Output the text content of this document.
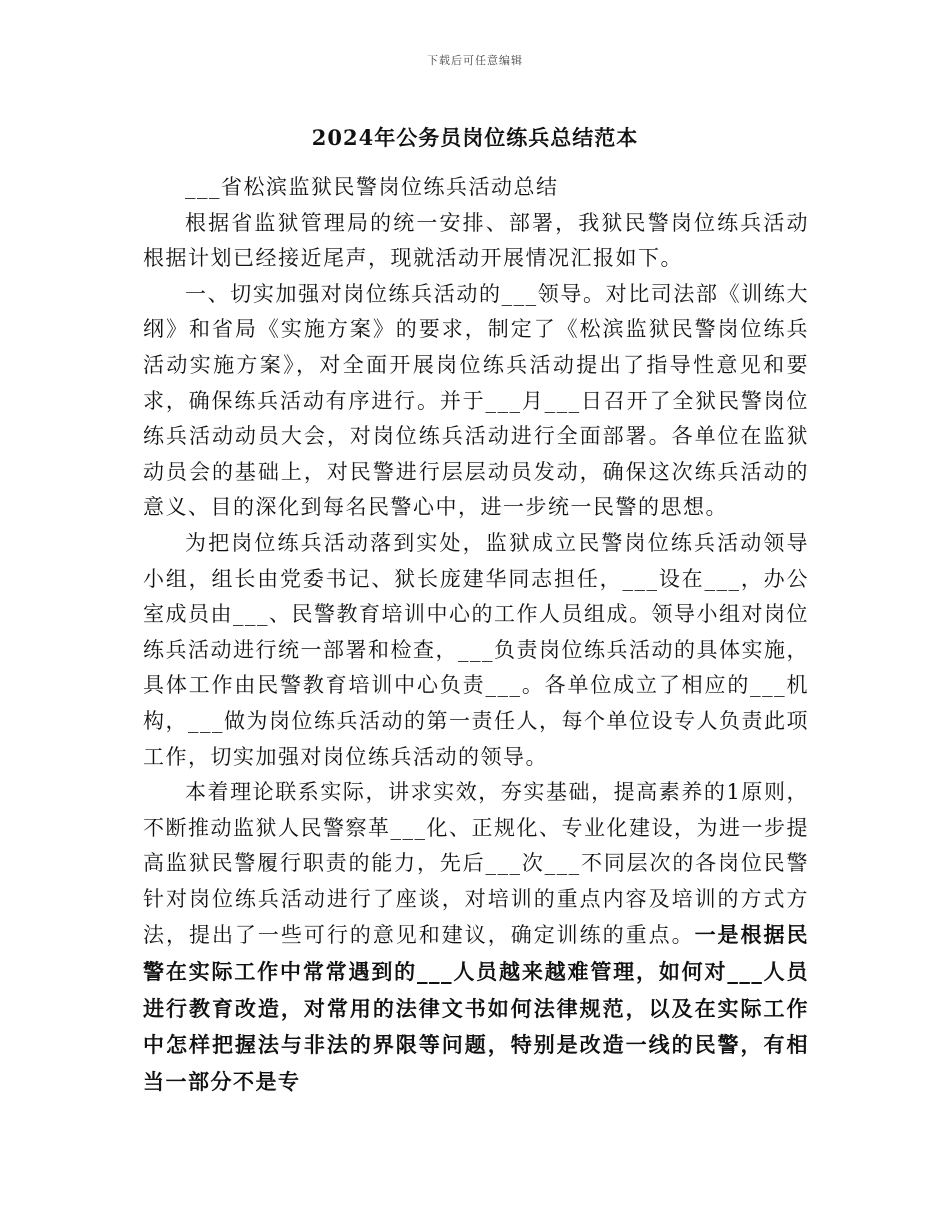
下载后可任意编辑
2024年公务员岗位练兵总结范本

___省松滨监狱民警岗位练兵活动总结

根据省监狱管理局的统一安排、部署，我狱民警岗位练兵活动根据计划已经接近尾声，现就活动开展情况汇报如下。

一、切实加强对岗位练兵活动的___领导。对比司法部《训练大纲》和省局《实施方案》的要求，制定了《松滨监狱民警岗位练兵活动实施方案》，对全面开展岗位练兵活动提出了指导性意见和要求，确保练兵活动有序进行。并于___月___日召开了全狱民警岗位练兵活动动员大会，对岗位练兵活动进行全面部署。各单位在监狱动员会的基础上，对民警进行层层动员发动，确保这次练兵活动的意义、目的深化到每名民警心中，进一步统一民警的思想。

为把岗位练兵活动落到实处，监狱成立民警岗位练兵活动领导小组，组长由党委书记、狱长庞建华同志担任，___设在___，办公室成员由___、民警教育培训中心的工作人员组成。领导小组对岗位练兵活动进行统一部署和检查，___负责岗位练兵活动的具体实施，具体工作由民警教育培训中心负责___。各单位成立了相应的___机构，___做为岗位练兵活动的第一责任人，每个单位设专人负责此项工作，切实加强对岗位练兵活动的领导。

本着理论联系实际，讲求实效，夯实基础，提高素养的1原则，不断推动监狱人民警察革___化、正规化、专业化建设，为进一步提高监狱民警履行职责的能力，先后___次___不同层次的各岗位民警针对岗位练兵活动进行了座谈，对培训的重点内容及培训的方式方法，提出了一些可行的意见和建议，确定训练的重点。一是根据民警在实际工作中常常遇到的___人员越来越难管理，如何对___人员进行教育改造，对常用的法律文书如何法律规范，以及在实际工作中怎样把握法与非法的界限等问题，特别是改造一线的民警，有相当一部分不是专
